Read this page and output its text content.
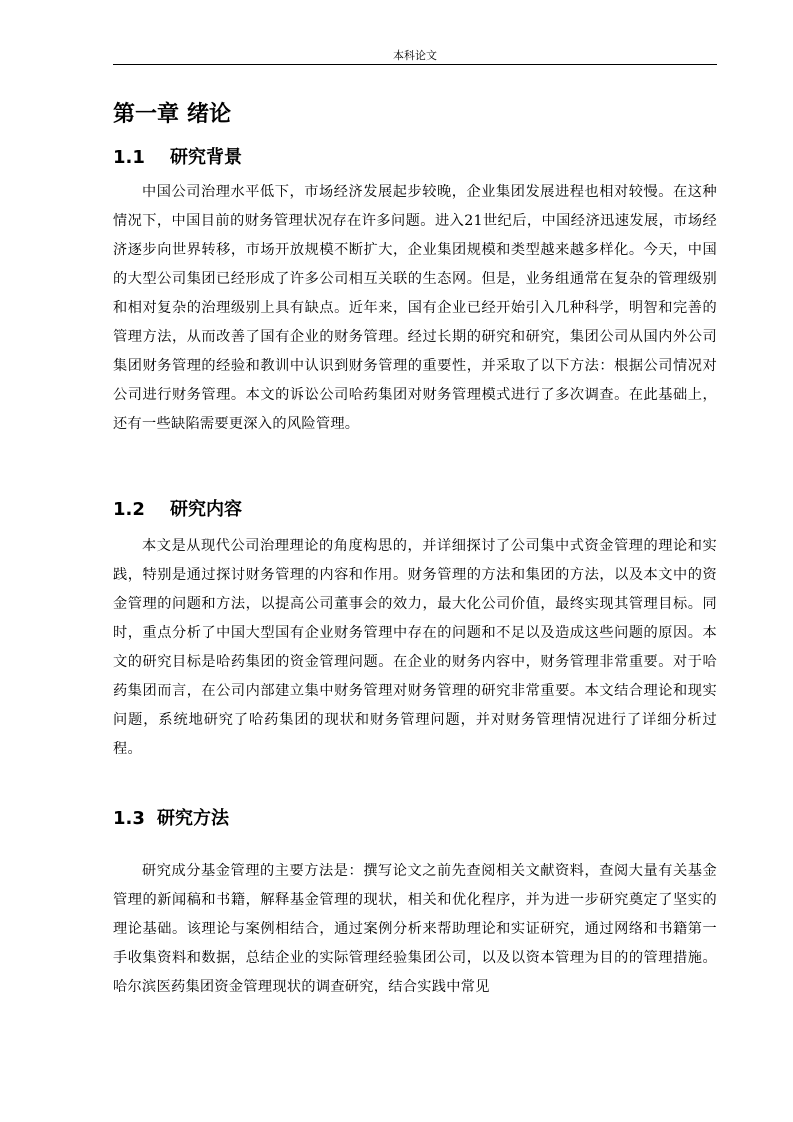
本科论文
第一章 绪论
1.1 研究背景

中国公司治理水平低下，市场经济发展起步较晚，企业集团发展进程也相对较慢。在这种情况下，中国目前的财务管理状况存在许多问题。进入21世纪后，中国经济迅速发展，市场经济逐步向世界转移，市场开放规模不断扩大，企业集团规模和类型越来越多样化。今天，中国的大型公司集团已经形成了许多公司相互关联的生态网。但是，业务组通常在复杂的管理级别和相对复杂的治理级别上具有缺点。近年来，国有企业已经开始引入几种科学，明智和完善的管理方法，从而改善了国有企业的财务管理。经过长期的研究和研究，集团公司从国内外公司集团财务管理的经验和教训中认识到财务管理的重要性，并采取了以下方法：根据公司情况对公司进行财务管理。本文的诉讼公司哈药集团对财务管理模式进行了多次调查。在此基础上，还有一些缺陷需要更深入的风险管理。

1.2 研究内容

本文是从现代公司治理理论的角度构思的，并详细探讨了公司集中式资金管理的理论和实践，特别是通过探讨财务管理的内容和作用。财务管理的方法和集团的方法，以及本文中的资金管理的问题和方法，以提高公司董事会的效力，最大化公司价值，最终实现其管理目标。同时，重点分析了中国大型国有企业财务管理中存在的问题和不足以及造成这些问题的原因。本文的研究目标是哈药集团的资金管理问题。在企业的财务内容中，财务管理非常重要。对于哈药集团而言，在公司内部建立集中财务管理对财务管理的研究非常重要。本文结合理论和现实问题，系统地研究了哈药集团的现状和财务管理问题，并对财务管理情况进行了详细分析过程。

1.3 研究方法

研究成分基金管理的主要方法是：撰写论文之前先查阅相关文献资料，查阅大量有关基金管理的新闻稿和书籍，解释基金管理的现状，相关和优化程序，并为进一步研究奠定了坚实的理论基础。该理论与案例相结合，通过案例分析来帮助理论和实证研究，通过网络和书籍第一手收集资料和数据，总结企业的实际管理经验集团公司，以及以资本管理为目的的管理措施。哈尔滨医药集团资金管理现状的调查研究，结合实践中常见
